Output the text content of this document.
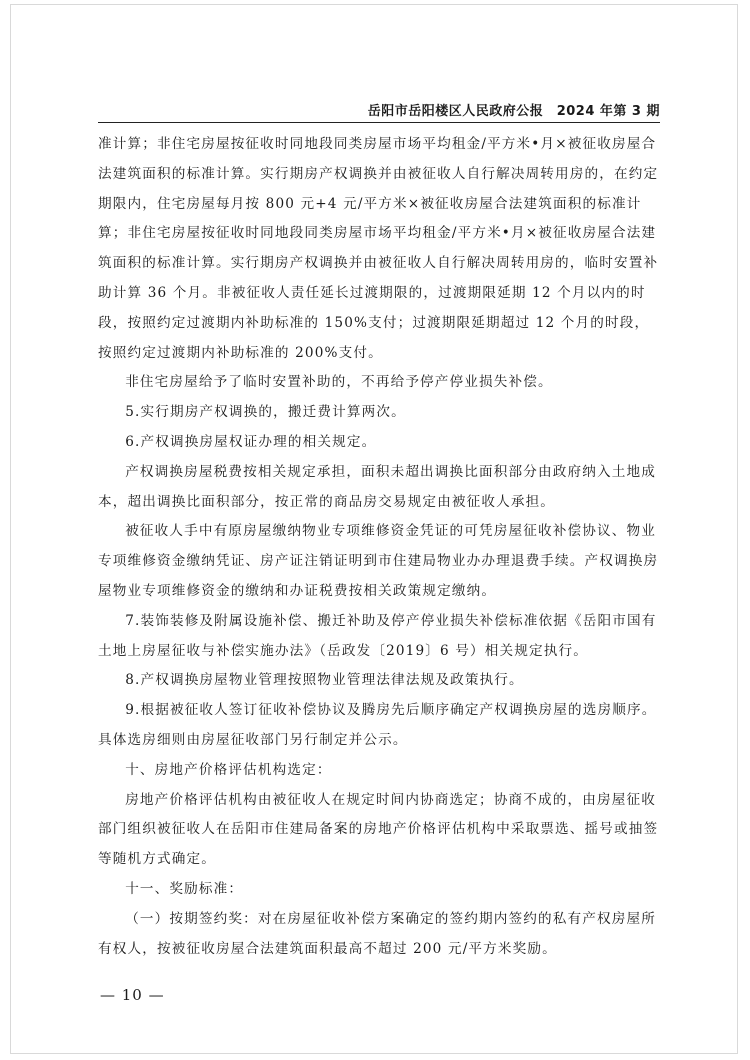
岳阳市岳阳楼区人民政府公报　2024 年第 3 期

准计算；非住宅房屋按征收时同地段同类房屋市场平均租金/平方米•月×被征收房屋合法建筑面积的标准计算。实行期房产权调换并由被征收人自行解决周转用房的，在约定期限内，住宅房屋每月按 800 元+4 元/平方米×被征收房屋合法建筑面积的标准计算；非住宅房屋按征收时同地段同类房屋市场平均租金/平方米•月×被征收房屋合法建筑面积的标准计算。实行期房产权调换并由被征收人自行解决周转用房的，临时安置补助计算 36 个月。非被征收人责任延长过渡期限的，过渡期限延期 12 个月以内的时段，按照约定过渡期内补助标准的 150%支付；过渡期限延期超过 12 个月的时段，按照约定过渡期内补助标准的 200%支付。

非住宅房屋给予了临时安置补助的，不再给予停产停业损失补偿。

5.实行期房产权调换的，搬迁费计算两次。

6.产权调换房屋权证办理的相关规定。

产权调换房屋税费按相关规定承担，面积未超出调换比面积部分由政府纳入土地成本，超出调换比面积部分，按正常的商品房交易规定由被征收人承担。

被征收人手中有原房屋缴纳物业专项维修资金凭证的可凭房屋征收补偿协议、物业专项维修资金缴纳凭证、房产证注销证明到市住建局物业办办理退费手续。产权调换房屋物业专项维修资金的缴纳和办证税费按相关政策规定缴纳。

7.装饰装修及附属设施补偿、搬迁补助及停产停业损失补偿标准依据《岳阳市国有土地上房屋征收与补偿实施办法》（岳政发〔2019〕6 号）相关规定执行。

8.产权调换房屋物业管理按照物业管理法律法规及政策执行。

9.根据被征收人签订征收补偿协议及腾房先后顺序确定产权调换房屋的选房顺序。具体选房细则由房屋征收部门另行制定并公示。

十、房地产价格评估机构选定：

房地产价格评估机构由被征收人在规定时间内协商选定；协商不成的，由房屋征收部门组织被征收人在岳阳市住建局备案的房地产价格评估机构中采取票选、摇号或抽签等随机方式确定。

十一、奖励标准：

（一）按期签约奖：对在房屋征收补偿方案确定的签约期内签约的私有产权房屋所有权人，按被征收房屋合法建筑面积最高不超过 200 元/平方米奖励。

— 10 —
